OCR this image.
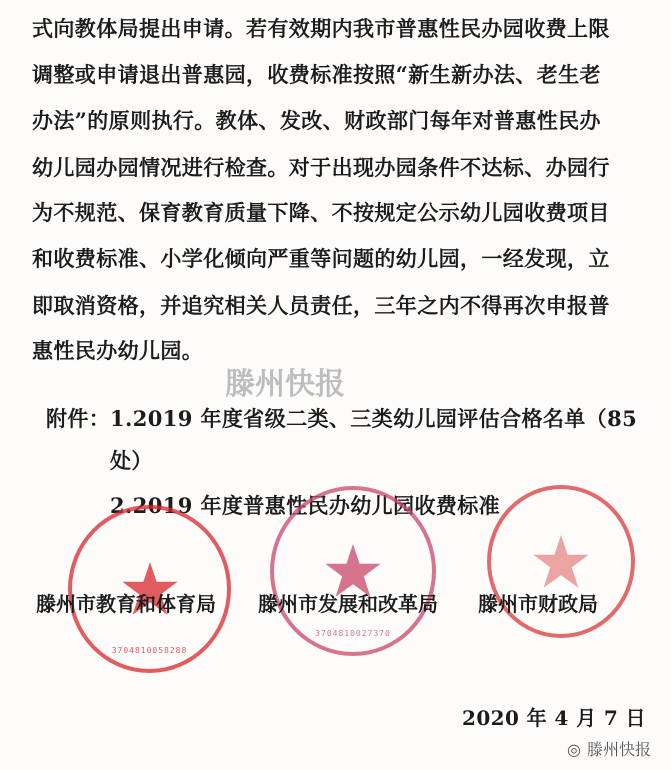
滕州快报
式向教体局提出申请。若有效期内我市普惠性民办园收费上限
调整或申请退出普惠园，收费标准按照“新生新办法、老生老
办法”的原则执行。教体、发改、财政部门每年对普惠性民办
幼儿园办园情况进行检查。对于出现办园条件不达标、办园行
为不规范、保育教育质量下降、不按规定公示幼儿园收费项目
和收费标准、小学化倾向严重等问题的幼儿园，一经发现，立
即取消资格，并追究相关人员责任，三年之内不得再次申报普
惠性民办幼儿园。
附件： 1.2019 年度省级二类、三类幼儿园评估合格名单（85
处）
2.2019 年度普惠性民办幼儿园收费标准
3704810058288
3704810027370
滕州市教育和体育局 滕州市发展和改革局 滕州市财政局
2020 年 4 月 7 日
◎ 滕州快报
